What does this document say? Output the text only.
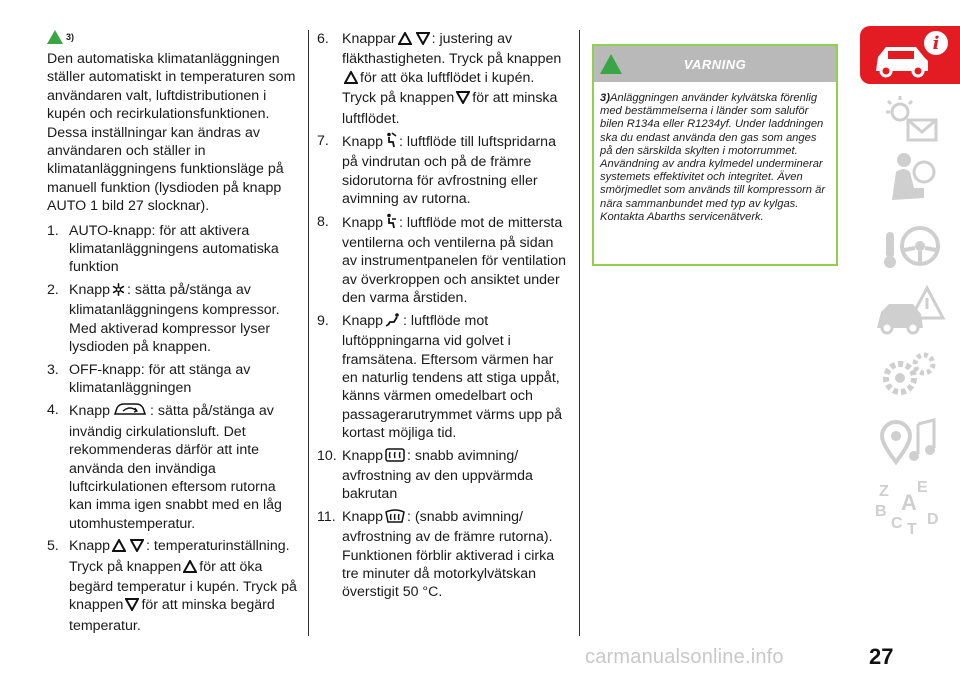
3)

Den automatiska klimatanläggningen ställer automatiskt in temperaturen som användaren valt, luftdistributionen i kupén och recirkulationsfunktionen. Dessa inställningar kan ändras av användaren och ställer in klimatanläggningens funktionsläge på manuell funktion (lysdioden på knapp AUTO 1 bild 27 slocknar).

1. AUTO-knapp: för att aktivera klimatanläggningens automatiska funktion
2. Knapp : sätta på/stänga av klimatanläggningens kompressor. Med aktiverad kompressor lyser lysdioden på knappen.
3. OFF-knapp: för att stänga av klimatanläggningen
4. Knapp	: sätta på/stänga av invändig cirkulationsluft. Det rekommenderas därför att inte använda den invändiga luftcirkulationen eftersom rutorna kan imma igen snabbt med en låg utomhustemperatur.
5. Knapp	: temperaturinställning. Tryck på knappen för att öka begärd temperatur i kupén. Tryck på knappen för att minska begärd temperatur.
6. Knappar	: justering av fläkthastigheten. Tryck på knappen
för att öka luftflödet i kupén. Tryck på knappen för att minska luftflödet.
7. Knapp : luftflöde till luftspridarna på vindrutan och på de främre sidorutorna för avfrostning eller avimning av rutorna.
8. Knapp : luftflöde mot de mittersta ventilerna och ventilerna på sidan av instrumentpanelen för ventilation av överkroppen och ansiktet under den varma årstiden.
9. Knapp : luftflöde mot luftöppningarna vid golvet i framsätena. Eftersom värmen har en naturlig tendens att stiga uppåt, känns värmen omedelbart och passagerarutrymmet värms upp på kortast möjliga tid.
10. Knapp : snabb avimning/ avfrostning av den uppvärmda bakrutan
11. Knapp : (snabb avimning/ avfrostning av de främre rutorna). Funktionen förblir aktiverad i cirka tre minuter då motorkylvätskan överstigit 50 °C.
VARNING
3)Anläggningen använder kylvätska förenlig med bestämmelserna i länder som saluför bilen R134a eller R1234yf. Under laddningen ska du endast använda den gas som anges på den särskilda skylten i motorrummet. Användning av andra kylmedel underminerar systemets effektivitet och integritet. Även smörjmedlet som används till kompressorn är nära sammanbundet med typ av kylgas. Kontakta Abarths servicenätverk.
i
Z E
B A
C T
D
carmanualsonline.info	27
